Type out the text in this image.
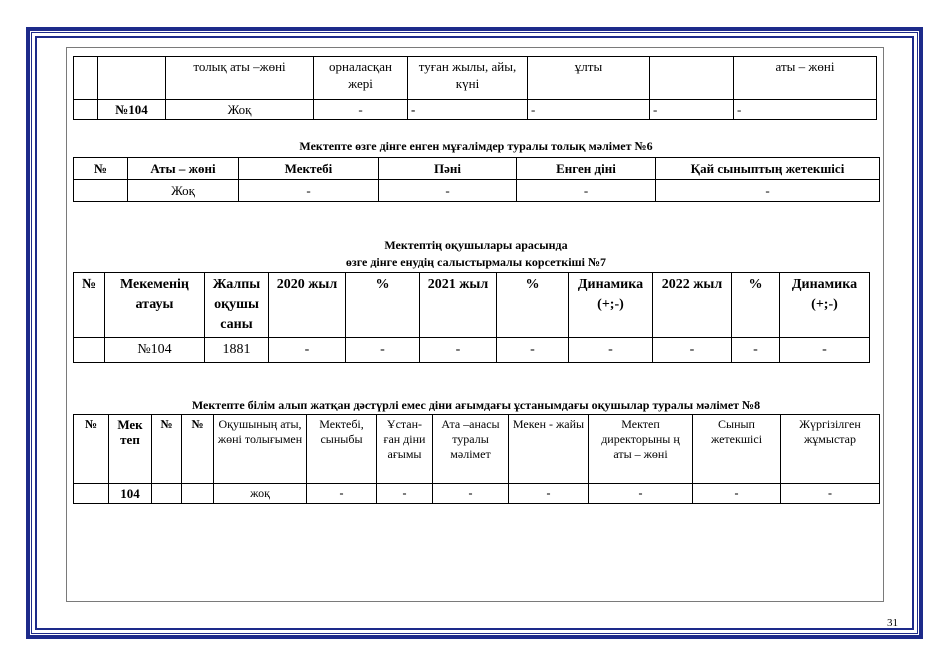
		толық аты –жөні	орналасқан жері	туған жылы, айы, күні	ұлты		аты – жөні
	№104	Жоқ	-	-	-	-	-
Мектепте өзге дінге енген мұғалімдер туралы толық мәлімет №6
№	Аты – жөні	Мектебі	Пәні	Енген діні	Қай сыныптың жетекшісі
	Жоқ	-	-	-	-
Мектептің оқушылары арасында
өзге дінге енудің салыстырмалы корсеткіші №7
№	Мекеменің атауы	Жалпы оқушы саны	2020 жыл	%	2021 жыл	%	Динамика (+;-)	2022 жыл	%	Динамика (+;-)
	№104	1881	-	-	-	-	-	-	-	-
Мектепте білім алып жатқан дәстүрлі емес діни ағымдағы ұстанымдағы оқушылар туралы мәлімет №8
№	Мек теп	№	№	Оқушының аты, жөні толығымен	Мектебі, сыныбы	Ұстан- ған діни ағымы	Ата –анасы туралы мәлімет	Мекен - жайы	Мектеп директорыны ң аты – жөні	Сынып жетекшісі	Жүргізілген жұмыстар
	104			жоқ	-	-	-	-	-	-	-
31
